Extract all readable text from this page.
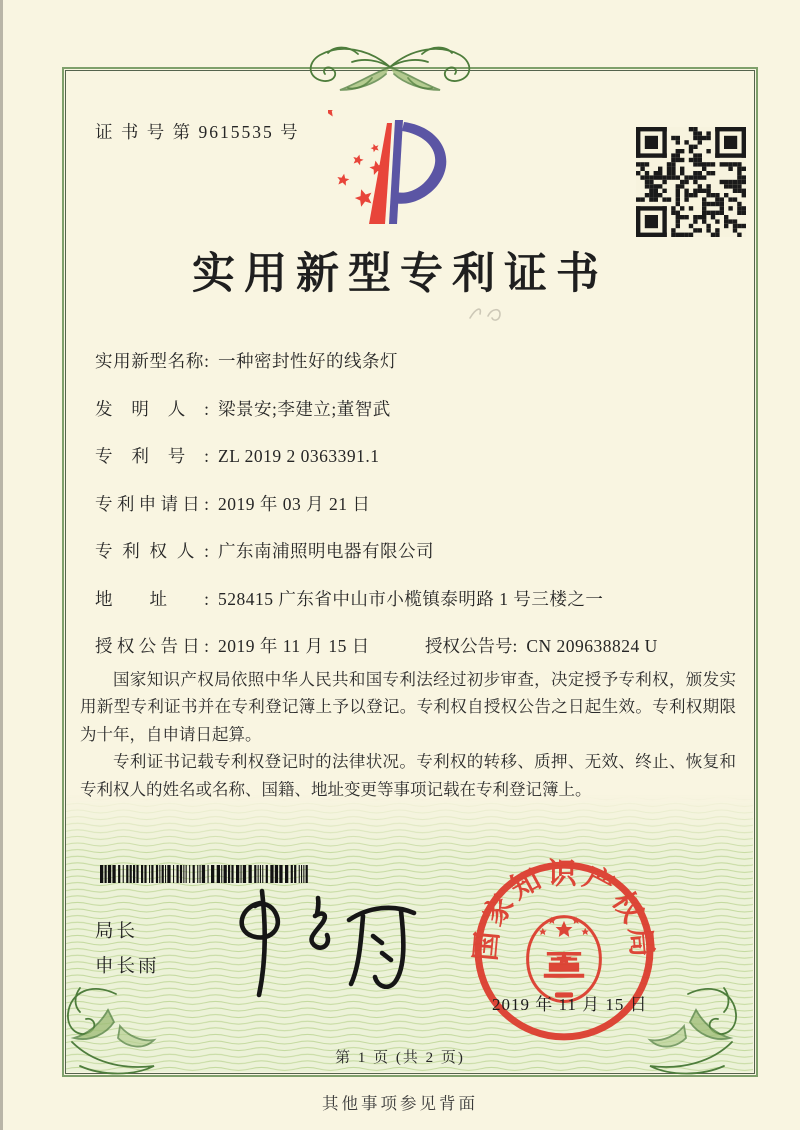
证 书 号 第 9615535 号
实用新型专利证书
实用新型名称: 一种密封性好的线条灯
发明人: 梁景安;李建立;董智武
专利号: ZL 2019 2 0363391.1
专利申请日: 2019 年 03 月 21 日
专利权人: 广东南浦照明电器有限公司
地址: 528415 广东省中山市小榄镇泰明路 1 号三楼之一
授权公告日: 2019 年 11 月 15 日	授权公告号: CN 209638824 U

国家知识产权局依照中华人民共和国专利法经过初步审查，决定授予专利权，颁发实用新型专利证书并在专利登记簿上予以登记。专利权自授权公告之日起生效。专利权期限为十年，自申请日起算。

专利证书记载专利权登记时的法律状况。专利权的转移、质押、无效、终止、恢复和专利权人的姓名或名称、国籍、地址变更等事项记载在专利登记簿上。

局长
申长雨
国家知识产权局
2019 年 11 月 15 日
第 1 页 (共 2 页)
其他事项参见背面
